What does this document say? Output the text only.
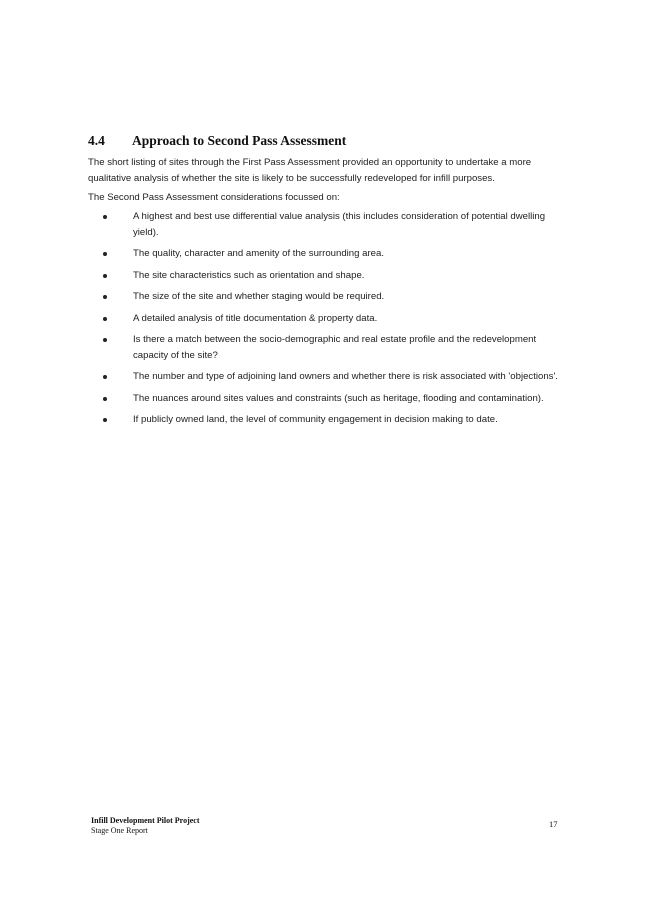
4.4 Approach to Second Pass Assessment
The short listing of sites through the First Pass Assessment provided an opportunity to undertake a more qualitative analysis of whether the site is likely to be successfully redeveloped for infill purposes.
The Second Pass Assessment considerations focussed on:
A highest and best use differential value analysis (this includes consideration of potential dwelling yield).
The quality, character and amenity of the surrounding area.
The site characteristics such as orientation and shape.
The size of the site and whether staging would be required.
A detailed analysis of title documentation & property data.
Is there a match between the socio-demographic and real estate profile and the redevelopment capacity of the site?
The number and type of adjoining land owners and whether there is risk associated with 'objections'.
The nuances around sites values and constraints (such as heritage, flooding and contamination).
If publicly owned land, the level of community engagement in decision making to date.
Infill Development Pilot Project
Stage One Report
17
